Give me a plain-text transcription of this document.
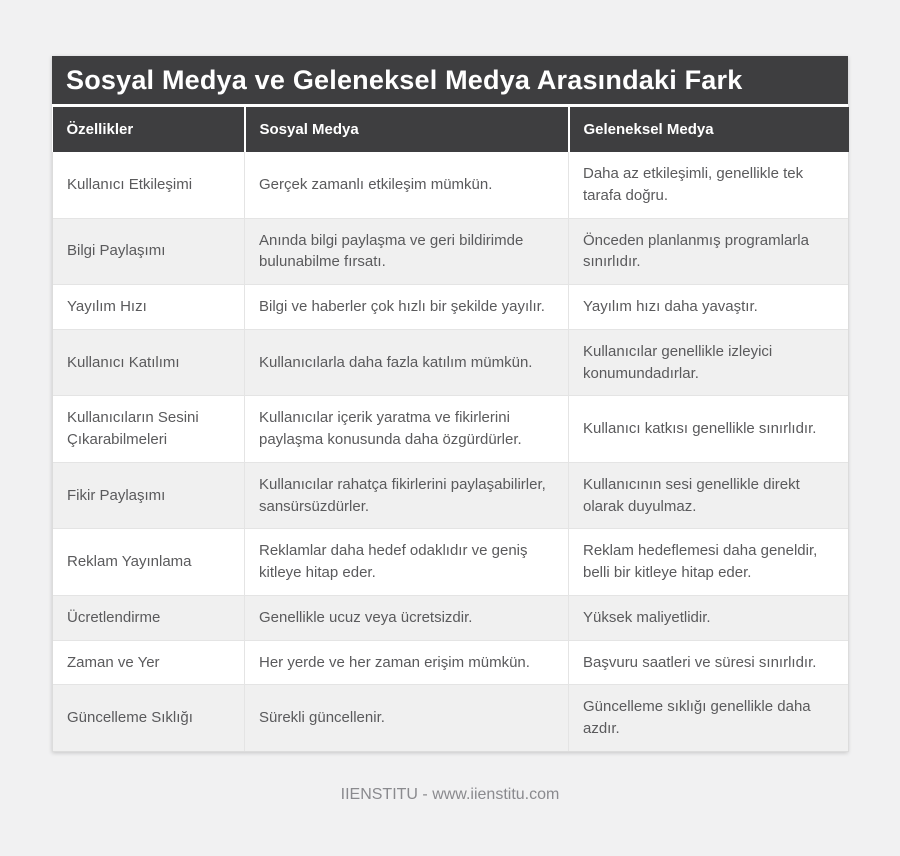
Sosyal Medya ve Geleneksel Medya Arasındaki Fark
Özellikler	Sosyal Medya	Geleneksel Medya
Kullanıcı Etkileşimi	Gerçek zamanlı etkileşim mümkün.	Daha az etkileşimli, genellikle tek tarafa doğru.
Bilgi Paylaşımı	Anında bilgi paylaşma ve geri bildirimde bulunabilme fırsatı.	Önceden planlanmış programlarla sınırlıdır.
Yayılım Hızı	Bilgi ve haberler çok hızlı bir şekilde yayılır.	Yayılım hızı daha yavaştır.
Kullanıcı Katılımı	Kullanıcılarla daha fazla katılım mümkün.	Kullanıcılar genellikle izleyici konumundadırlar.
Kullanıcıların Sesini Çıkarabilmeleri	Kullanıcılar içerik yaratma ve fikirlerini paylaşma konusunda daha özgürdürler.	Kullanıcı katkısı genellikle sınırlıdır.
Fikir Paylaşımı	Kullanıcılar rahatça fikirlerini paylaşabilirler, sansürsüzdürler.	Kullanıcının sesi genellikle direkt olarak duyulmaz.
Reklam Yayınlama	Reklamlar daha hedef odaklıdır ve geniş kitleye hitap eder.	Reklam hedeflemesi daha geneldir, belli bir kitleye hitap eder.
Ücretlendirme	Genellikle ucuz veya ücretsizdir.	Yüksek maliyetlidir.
Zaman ve Yer	Her yerde ve her zaman erişim mümkün.	Başvuru saatleri ve süresi sınırlıdır.
Güncelleme Sıklığı	Sürekli güncellenir.	Güncelleme sıklığı genellikle daha azdır.
IIENSTITU - www.iienstitu.com
